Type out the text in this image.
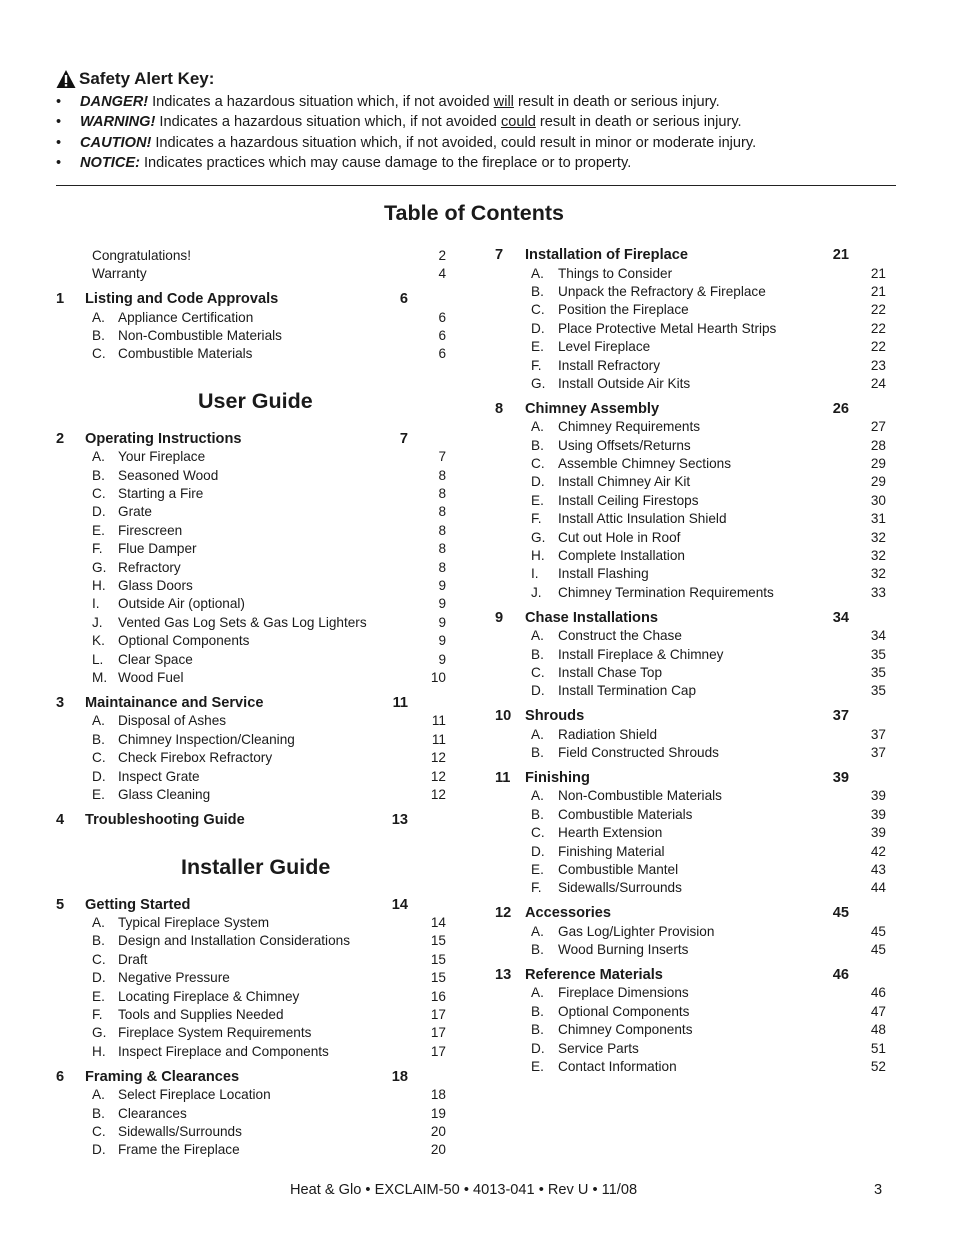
Safety Alert Key:
•	DANGER! Indicates a hazardous situation which, if not avoided will result in death or serious injury.
•	WARNING! Indicates a hazardous situation which, if not avoided could result in death or serious injury.
•	CAUTION! Indicates a hazardous situation which, if not avoided, could result in minor or moderate injury.
•	NOTICE: Indicates practices which may cause damage to the fireplace or to property.
Table of Contents
User Guide
Installer Guide
Congratulations!	2
Warranty	4
1 Listing and Code Approvals	6
A. Appliance Certification	6
B. Non-Combustible Materials	6
C. Combustible Materials	6
2 Operating Instructions	7
A. Your Fireplace	7
B. Seasoned Wood	8
C. Starting a Fire	8
D. Grate	8
E. Firescreen	8
F. Flue Damper	8
G. Refractory	8
H. Glass Doors	9
I. Outside Air (optional)	9
J. Vented Gas Log Sets & Gas Log Lighters	9
K. Optional Components	9
L. Clear Space	9
M. Wood Fuel	10
3 Maintainance and Service	11
A. Disposal of Ashes	11
B. Chimney Inspection/Cleaning	11
C. Check Firebox Refractory	12
D. Inspect Grate	12
E. Glass Cleaning	12
4 Troubleshooting Guide	13
5 Getting Started	14
A. Typical Fireplace System	14
B. Design and Installation Considerations	15
C. Draft	15
D. Negative Pressure	15
E. Locating Fireplace & Chimney	16
F. Tools and Supplies Needed	17
G. Fireplace System Requirements	17
H. Inspect Fireplace and Components	17
6 Framing & Clearances	18
A. Select Fireplace Location	18
B. Clearances	19
C. Sidewalls/Surrounds	20
D. Frame the Fireplace	20
7 Installation of Fireplace	21
A. Things to Consider	21
B. Unpack the Refractory & Fireplace	21
C. Position the Fireplace	22
D. Place Protective Metal Hearth Strips	22
E. Level Fireplace	22
F. Install Refractory	23
G. Install Outside Air Kits	24
8 Chimney Assembly	26
A. Chimney Requirements	27
B. Using Offsets/Returns	28
C. Assemble Chimney Sections	29
D. Install Chimney Air Kit	29
E. Install Ceiling Firestops	30
F. Install Attic Insulation Shield	31
G. Cut out Hole in Roof	32
H. Complete Installation	32
I. Install Flashing	32
J. Chimney Termination Requirements	33
9 Chase Installations	34
A. Construct the Chase	34
B. Install Fireplace & Chimney	35
C. Install Chase Top	35
D. Install Termination Cap	35
10 Shrouds	37
A. Radiation Shield	37
B. Field Constructed Shrouds	37
11 Finishing	39
A. Non-Combustible Materials	39
B. Combustible Materials	39
C. Hearth Extension	39
D. Finishing Material	42
E. Combustible Mantel	43
F. Sidewalls/Surrounds	44
12 Accessories	45
A. Gas Log/Lighter Provision	45
B. Wood Burning Inserts	45
13 Reference Materials	46
A. Fireplace Dimensions	46
B. Optional Components	47
B. Chimney Components	48
D. Service Parts	51
E. Contact Information	52
Heat & Glo • EXCLAIM-50 • 4013-041 • Rev U • 11/08	3
